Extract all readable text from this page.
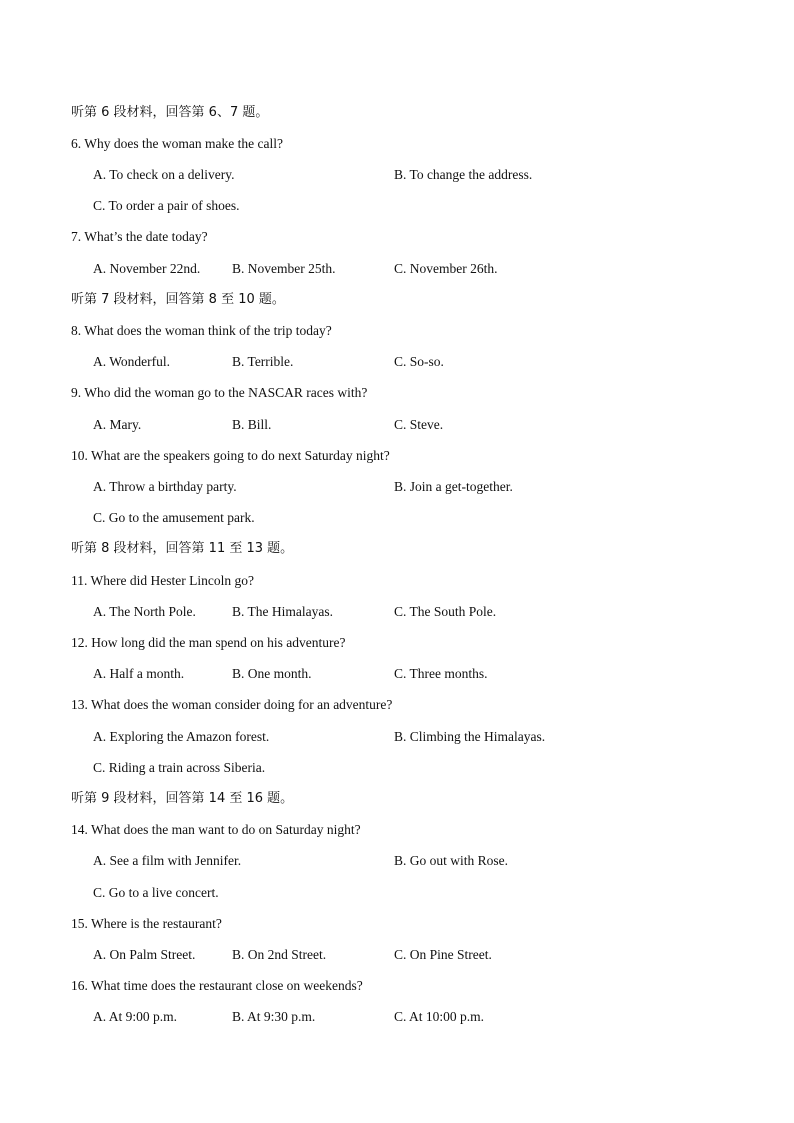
听第 6 段材料，回答第 6、7 题。
6. Why does the woman make the call?
A. To check on a delivery.	B. To change the address.
C. To order a pair of shoes.
7. What’s the date today?
A. November 22nd. B. November 25th.	C. November 26th.
听第 7 段材料，回答第 8 至 10 题。
8. What does the woman think of the trip today?
A. Wonderful.	B. Terrible.	C. So-so.
9. Who did the woman go to the NASCAR races with?
A. Mary.	B. Bill.	C. Steve.
10. What are the speakers going to do next Saturday night?
A. Throw a birthday party.	B. Join a get-together.
C. Go to the amusement park.
听第 8 段材料，回答第 11 至 13 题。
11. Where did Hester Lincoln go?
A. The North Pole.	B. The Himalayas.	C. The South Pole.
12. How long did the man spend on his adventure?
A. Half a month.	B. One month.	C. Three months.
13. What does the woman consider doing for an adventure?
A. Exploring the Amazon forest.	B. Climbing the Himalayas.
C. Riding a train across Siberia.
听第 9 段材料，回答第 14 至 16 题。
14. What does the man want to do on Saturday night?
A. See a film with Jennifer.	B. Go out with Rose.
C. Go to a live concert.
15. Where is the restaurant?
A. On Palm Street.	B. On 2nd Street.	C. On Pine Street.
16. What time does the restaurant close on weekends?
A. At 9:00 p.m.	B. At 9:30 p.m.	C. At 10:00 p.m.
